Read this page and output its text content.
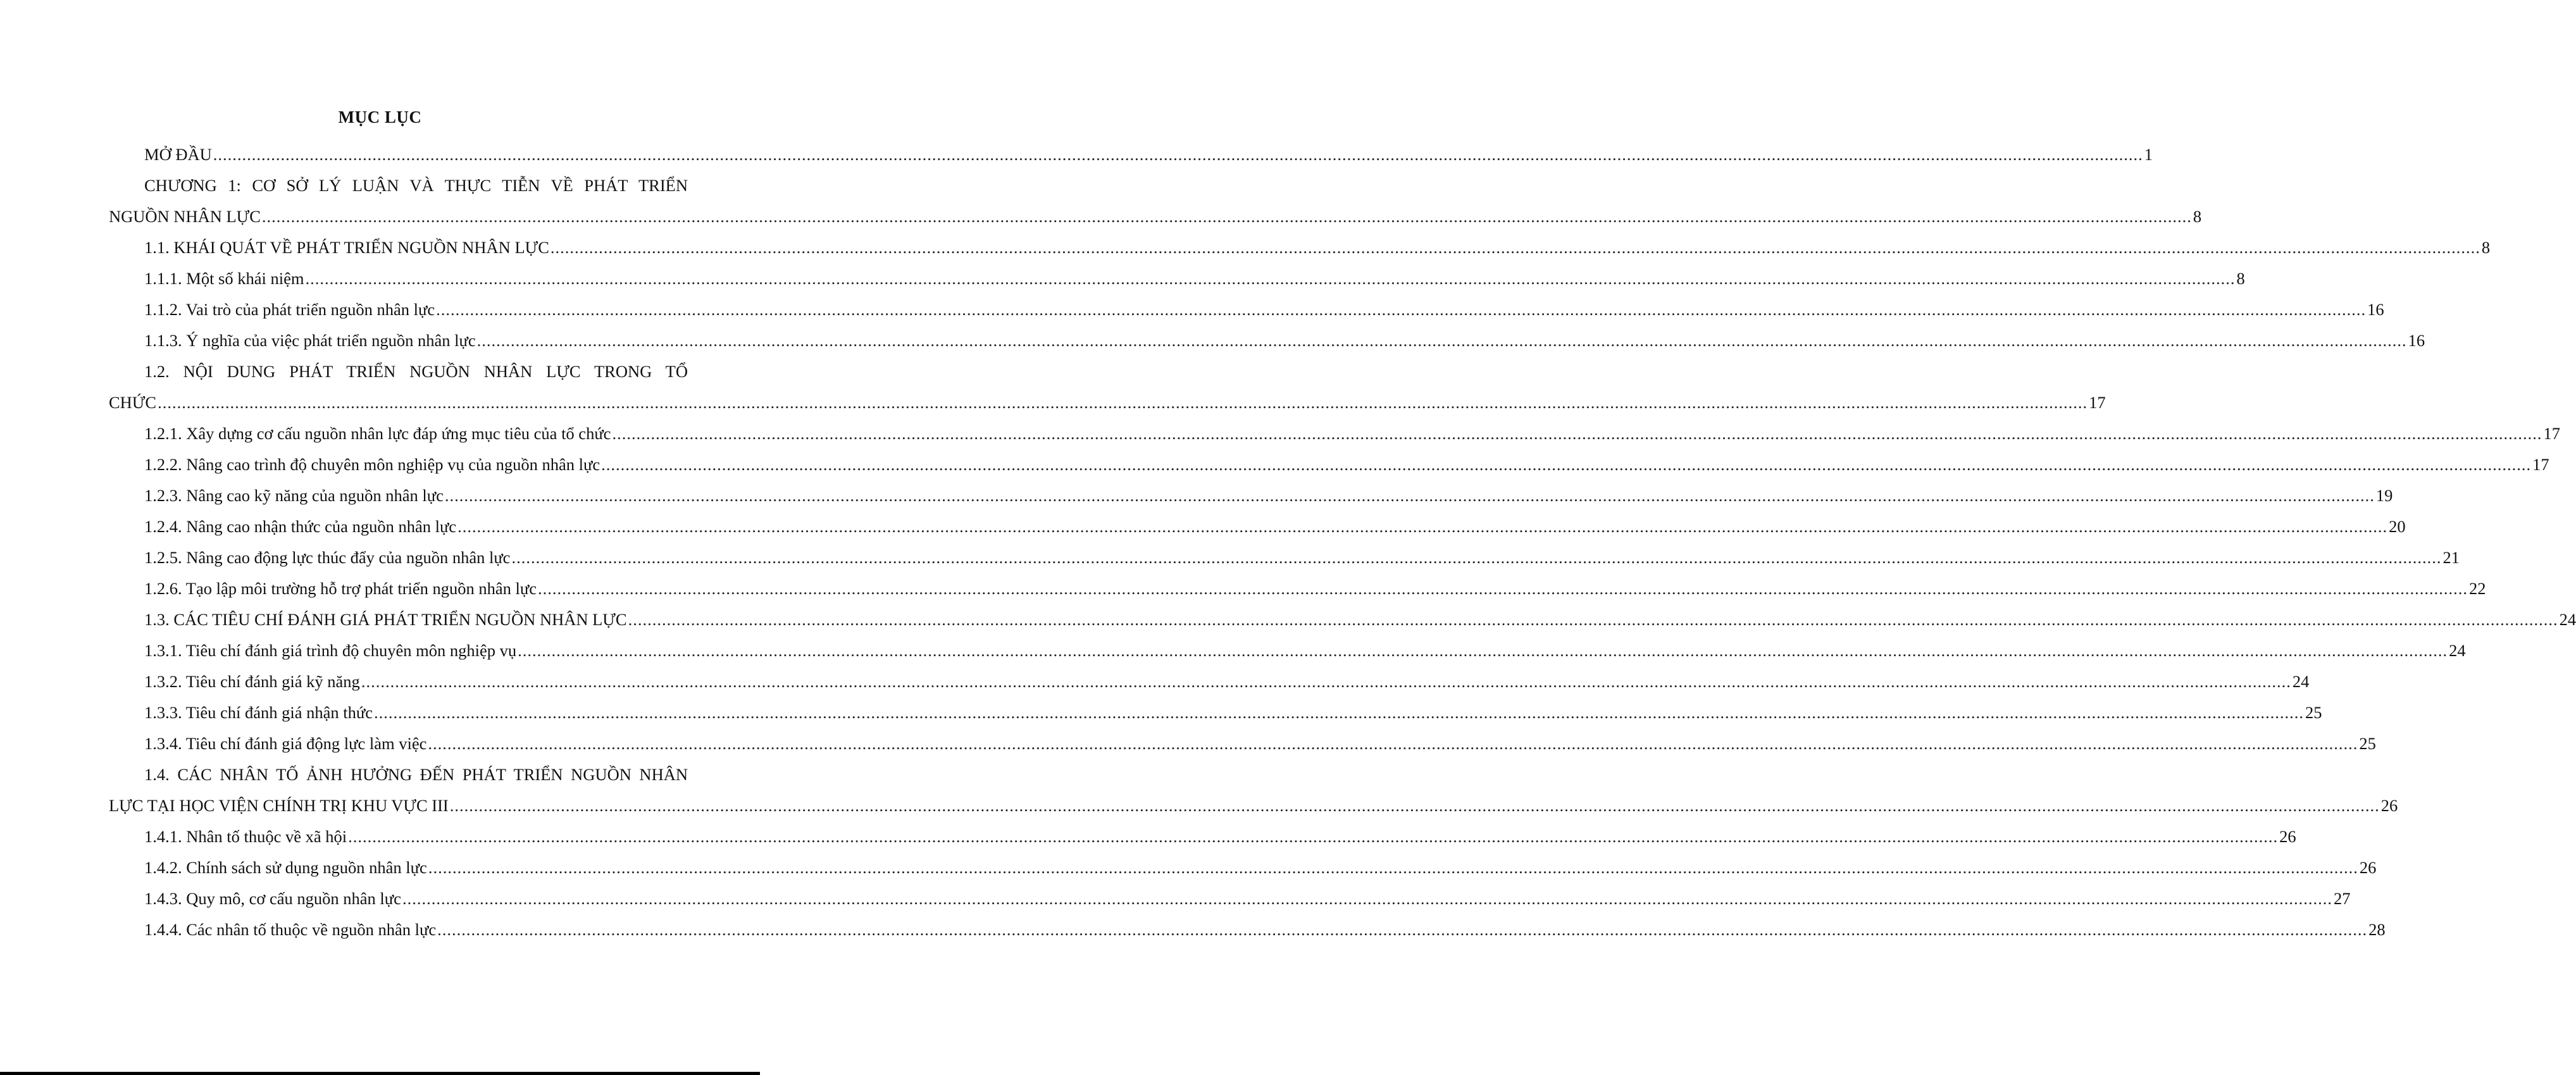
MỤC LỤC
MỞ ĐẦU ................................................................................................................................................................................................................................................................................................................................................................................................................ 1
CHƯƠNG 1: CƠ SỞ LÝ LUẬN VÀ THỰC TIỄN VỀ PHÁT TRIỂN
NGUỒN NHÂN LỰC ................................................................................................................................................................................................................................................................................................................................................................................................................ 8
1.1. KHÁI QUÁT VỀ PHÁT TRIỂN NGUỒN NHÂN LỰC ................................................................................................................................................................................................................................................................................................................................................................................................................ 8
1.1.1. Một số khái niệm ................................................................................................................................................................................................................................................................................................................................................................................................................ 8
1.1.2. Vai trò của phát triển nguồn nhân lực ................................................................................................................................................................................................................................................................................................................................................................................................................ 16
1.1.3. Ý nghĩa của việc phát triển nguồn nhân lực ................................................................................................................................................................................................................................................................................................................................................................................................................ 16
1.2. NỘI DUNG PHÁT TRIỂN NGUỒN NHÂN LỰC TRONG TỔ
CHỨC ................................................................................................................................................................................................................................................................................................................................................................................................................ 17
1.2.1. Xây dựng cơ cấu nguồn nhân lực đáp ứng mục tiêu của tổ chức ................................................................................................................................................................................................................................................................................................................................................................................................................ 17
1.2.2. Nâng cao trình độ chuyên môn nghiệp vụ của nguồn nhân lực ................................................................................................................................................................................................................................................................................................................................................................................................................ 17
1.2.3. Nâng cao kỹ năng của nguồn nhân lực ................................................................................................................................................................................................................................................................................................................................................................................................................ 19
1.2.4. Nâng cao nhận thức của nguồn nhân lực ................................................................................................................................................................................................................................................................................................................................................................................................................ 20
1.2.5. Nâng cao động lực thúc đẩy của nguồn nhân lực ................................................................................................................................................................................................................................................................................................................................................................................................................ 21
1.2.6. Tạo lập môi trường hỗ trợ phát triển nguồn nhân lực ................................................................................................................................................................................................................................................................................................................................................................................................................ 22
1.3. CÁC TIÊU CHÍ ĐÁNH GIÁ PHÁT TRIỂN NGUỒN NHÂN LỰC ................................................................................................................................................................................................................................................................................................................................................................................................................ 24
1.3.1. Tiêu chí đánh giá trình độ chuyên môn nghiệp vụ ................................................................................................................................................................................................................................................................................................................................................................................................................ 24
1.3.2. Tiêu chí đánh giá kỹ năng ................................................................................................................................................................................................................................................................................................................................................................................................................ 24
1.3.3. Tiêu chí đánh giá nhận thức ................................................................................................................................................................................................................................................................................................................................................................................................................ 25
1.3.4. Tiêu chí đánh giá động lực làm việc ................................................................................................................................................................................................................................................................................................................................................................................................................ 25
1.4. CÁC NHÂN TỐ ẢNH HƯỞNG ĐẾN PHÁT TRIỂN NGUỒN NHÂN
LỰC TẠI HỌC VIỆN CHÍNH TRỊ KHU VỰC III ................................................................................................................................................................................................................................................................................................................................................................................................................ 26
1.4.1. Nhân tố thuộc về xã hội ................................................................................................................................................................................................................................................................................................................................................................................................................ 26
1.4.2. Chính sách sử dụng nguồn nhân lực ................................................................................................................................................................................................................................................................................................................................................................................................................ 26
1.4.3. Quy mô, cơ cấu nguồn nhân lực ................................................................................................................................................................................................................................................................................................................................................................................................................ 27
1.4.4. Các nhân tố thuộc về nguồn nhân lực ................................................................................................................................................................................................................................................................................................................................................................................................................ 28
